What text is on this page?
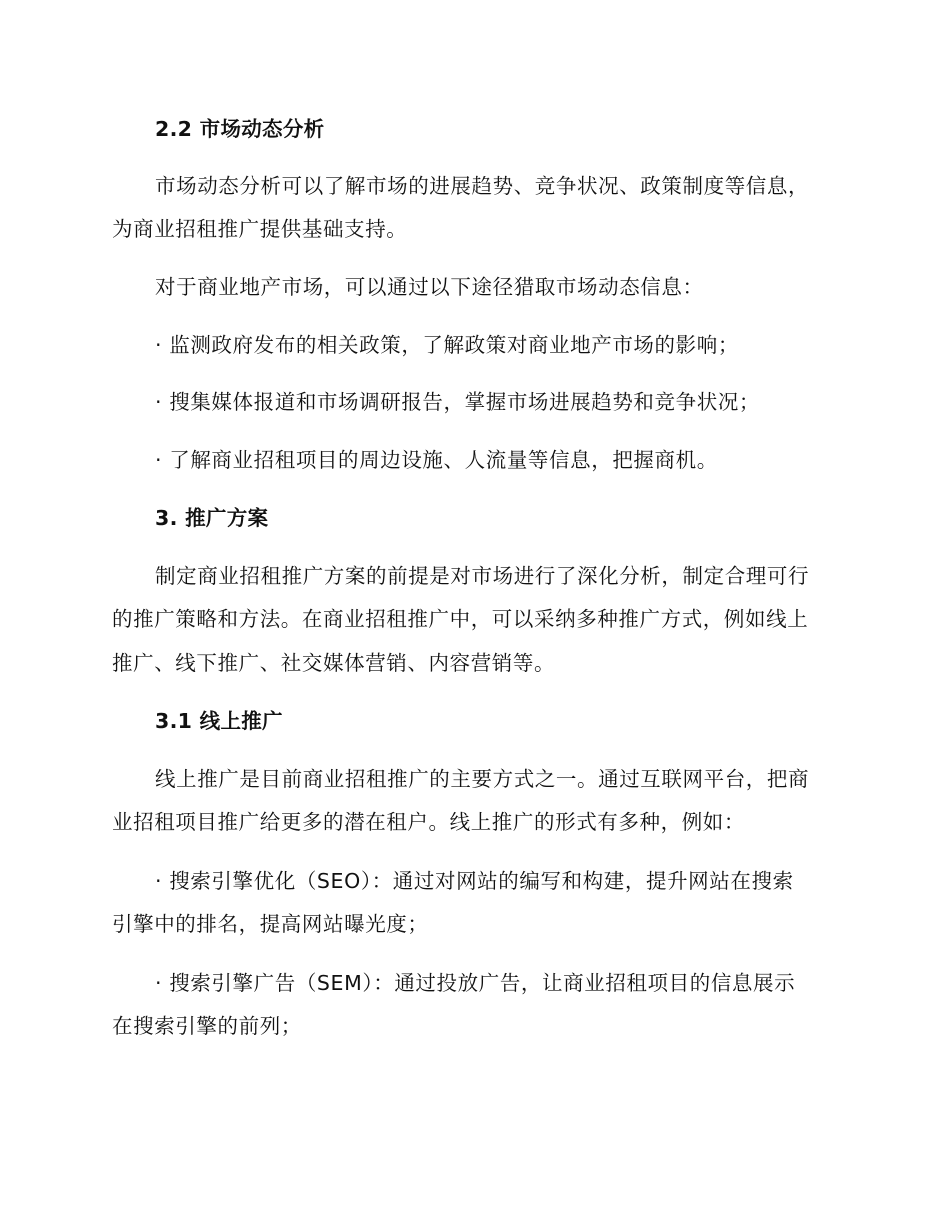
2.2 市场动态分析
市场动态分析可以了解市场的进展趋势、竞争状况、政策制度等信息，
为商业招租推广提供基础支持。
对于商业地产市场，可以通过以下途径猎取市场动态信息：
· 监测政府发布的相关政策，了解政策对商业地产市场的影响；
· 搜集媒体报道和市场调研报告，掌握市场进展趋势和竞争状况；
· 了解商业招租项目的周边设施、人流量等信息，把握商机。
3. 推广方案
制定商业招租推广方案的前提是对市场进行了深化分析，制定合理可行
的推广策略和方法。在商业招租推广中，可以采纳多种推广方式，例如线上
推广、线下推广、社交媒体营销、内容营销等。
3.1 线上推广
线上推广是目前商业招租推广的主要方式之一。通过互联网平台，把商
业招租项目推广给更多的潜在租户。线上推广的形式有多种，例如：
· 搜索引擎优化（SEO）：通过对网站的编写和构建，提升网站在搜索
引擎中的排名，提高网站曝光度；
· 搜索引擎广告（SEM）：通过投放广告，让商业招租项目的信息展示
在搜索引擎的前列；
